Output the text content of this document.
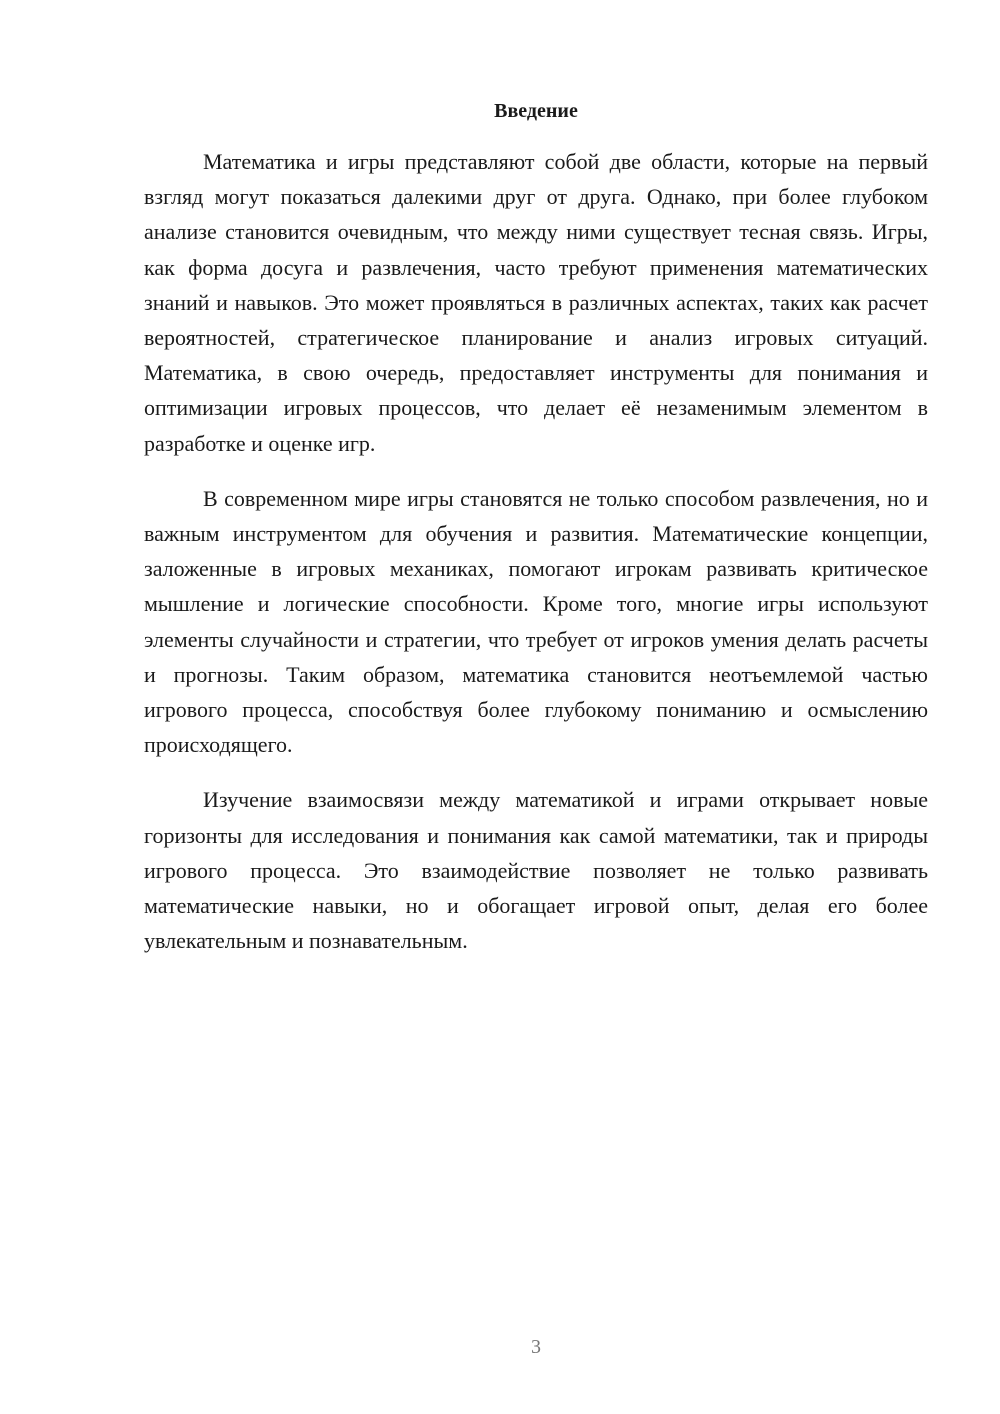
Введение

Математика и игры представляют собой две области, которые на первый взгляд могут показаться далекими друг от друга. Однако, при более глубоком анализе становится очевидным, что между ними существует тесная связь. Игры, как форма досуга и развлечения, часто требуют применения математических знаний и навыков. Это может проявляться в различных аспектах, таких как расчет вероятностей, стратегическое планирование и анализ игровых ситуаций. Математика, в свою очередь, предоставляет инструменты для понимания и оптимизации игровых процессов, что делает её незаменимым элементом в разработке и оценке игр.

В современном мире игры становятся не только способом развлечения, но и важным инструментом для обучения и развития. Математические концепции, заложенные в игровых механиках, помогают игрокам развивать критическое мышление и логические способности. Кроме того, многие игры используют элементы случайности и стратегии, что требует от игроков умения делать расчеты и прогнозы. Таким образом, математика становится неотъемлемой частью игрового процесса, способствуя более глубокому пониманию и осмыслению происходящего.

Изучение взаимосвязи между математикой и играми открывает новые горизонты для исследования и понимания как самой математики, так и природы игрового процесса. Это взаимодействие позволяет не только развивать математические навыки, но и обогащает игровой опыт, делая его более увлекательным и познавательным.

3
